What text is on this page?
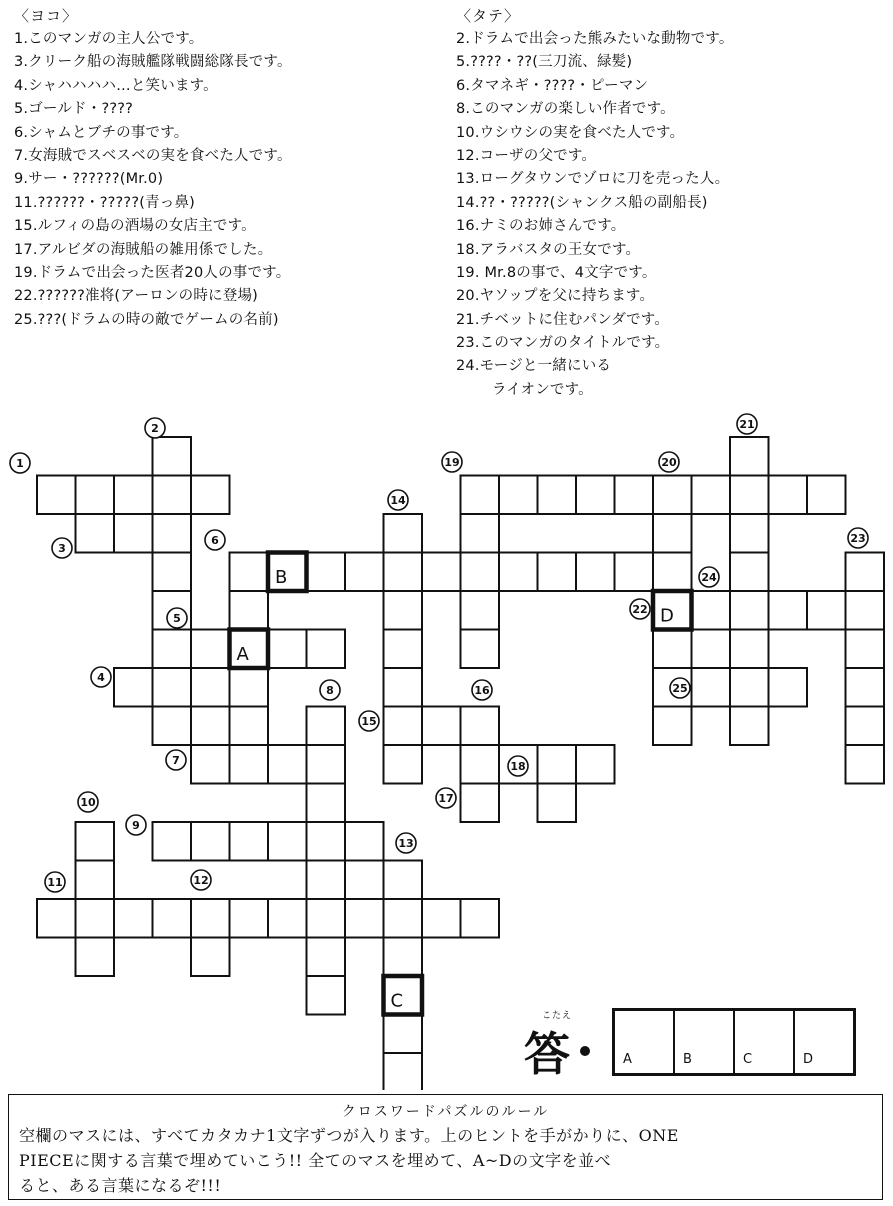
〈ヨコ〉
1.このマンガの主人公です。
3.クリーク船の海賊艦隊戦闘総隊長です。
4.シャハハハハ…と笑います。
5.ゴールド・????
6.シャムとブチの事です。
7.女海賊でスベスベの実を食べた人です。
9.サー・??????(Mr.0)
11.??????・?????(青っ鼻)
15.ルフィの島の酒場の女店主です。
17.アルビダの海賊船の雑用係でした。
19.ドラムで出会った医者20人の事です。
22.??????准将(アーロンの時に登場)
25.???(ドラムの時の敵でゲームの名前)
〈タテ〉
2.ドラムで出会った熊みたいな動物です。
5.????・??(三刀流、緑髪)
6.タマネギ・????・ピーマン
8.このマンガの楽しい作者です。
10.ウシウシの実を食べた人です。
12.コーザの父です。
13.ローグタウンでゾロに刀を売った人。
14.??・?????(シャンクス船の副船長)
16.ナミのお姉さんです。
18.アラバスタの王女です。
19. Mr.8の事で、4文字です。
20.ヤソップを父に持ちます。
21.チベットに住むパンダです。
23.このマンガのタイトルです。
24.モージと一緒にいる
ライオンです。
B
A
D
C
1
2
3
4
5
6
7
8
9
10
11	12
13
14
15
16
17
18
19	20
21
22
23
24
25
こたえ
答	A	B	C	D
クロスワードパズルのルール
空欄のマスには、すべてカタカナ1文字ずつが入ります。上のヒントを手がかりに、ONE
PIECEに関する言葉で埋めていこう!! 全てのマスを埋めて、A~Dの文字を並べ
ると、ある言葉になるぞ!!!
